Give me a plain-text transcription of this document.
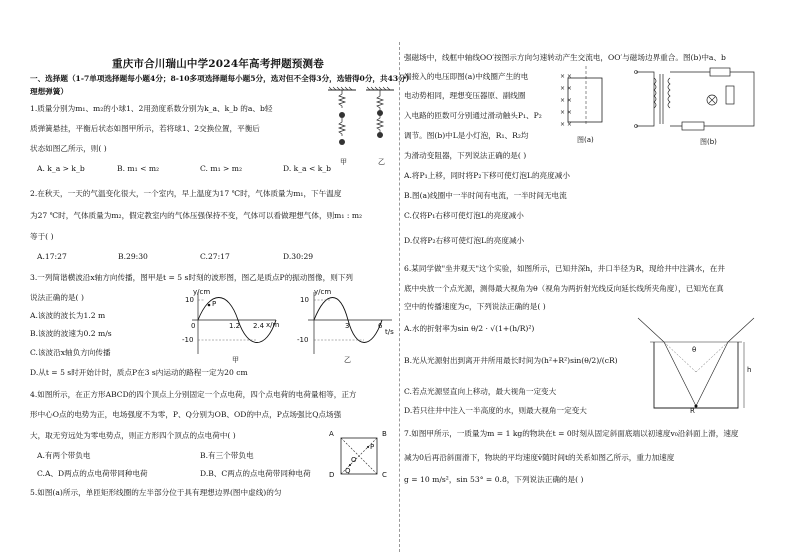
重庆市合川瑞山中学2024年高考押题预测卷
一、选择题（1-7单项选择题每小题4分；8-10多项选择题每小题5分，选对但不全得3分，选错得0分，共43分）
理想弹簧）
1.质量分别为m₁、m₂的小球1、2用劲度系数分别为k_a、k_b 的a、b轻
质弹簧悬挂，平衡后状态如图甲所示，若将球1、2交换位置，平衡后
状态如图乙所示，则( )
A. k_a > k_b	B. m₁ < m₂	C. m₁ > m₂	D. k_a < k_b
甲	乙
2.在秋天，一天的气温变化很大，一个室内，早上温度为17 ℃时，气体质量为m₁，下午温度
为27 ℃时，气体质量为m₂，假定教室内的气体压强保持不变，气体可以看做理想气体，则m₁ : m₂
等于( )
A.17:27	B.29:30	C.27:17	D.30:29
3.一列简谐横波沿x轴方向传播，图甲是t = 5 s时刻的波形图，图乙是质点P的振动图像，则下列
说法正确的是( )
A.该波的波长为1.2 m
B.该波的波速为0.2 m/s
C.该波沿x轴负方向传播
D.从t = 5 s时开始计时，质点P在3 s内运动的路程一定为20 cm
y/cm
10
-10
0
P
1.2 2.4 x/m
甲
y/cm
10
-10
3	6
t/s
乙
4.如图所示，在正方形ABCD的四个顶点上分别固定一个点电荷，四个点电荷的电荷量相等，正方
形中心O点的电势为正，电场强度不为零，P、Q分别为OB、OD的中点，P点场强比Q点场强
大，取无穷远处为零电势点，则正方形四个顶点的点电荷中( )
A.有两个带负电	B.有三个带负电
C.A、D两点的点电荷带同种电荷	D.B、C两点的点电荷带同种电荷
A	B
C
D
O
P
Q
5.如图(a)所示，单匝矩形线圈的左半部分位于具有理想边界(图中虚线)的匀
强磁场中，线框中轴线OO′按图示方向匀速转动产生交流电，OO′与磁场边界重合。图(b)中a、b
端接入的电压即图(a)中线圈产生的电
电动势相同，理想变压器原、副线圈
入电路的匝数可分别通过滑动触头P₁、P₂
调节。图(b)中L是小灯泡，R₁、R₂均
为滑动变阻器，下列说法正确的是( )
A.将P₁上移，同时将P₂下移可使灯泡L的亮度减小
B.图(a)线圈中一半时间有电流，一半时间无电流
C.仅将P₁右移可使灯泡L的亮度减小
D.仅将P₂右移可使灯泡L的亮度减小
× ×
× ×
× ×
× ×
× ×
图(a)	图(b)
6.某同学做"坐井观天"这个实验，如图所示，已知井深h，井口半径为R，现给井中注满水，在井
底中央放一个点光源，测得最大视角为θ（视角为两折射光线反向延长线所夹角度），已知光在真
空中的传播速度为c，下列说法正确的是( )
A.水的折射率为sin θ/2 · √(1+(h/R)²)
B.光从光源射出到离开井所用最长时间为(h²+R²)sin(θ/2)/(cR)
C.若点光源竖直向上移动，最大视角一定变大
D.若只往井中注入一半高度的水，则最大视角一定变大
θ
h
R
7.如图甲所示，一质量为m = 1 kg的物块在t = 0时刻从固定斜面底端以初速度v₀沿斜面上滑，速度
减为0后再沿斜面滑下，物块的平均速度v̄随时间t的关系如图乙所示，重力加速度
g = 10 m/s²，sin 53° = 0.8，下列说法正确的是( )
